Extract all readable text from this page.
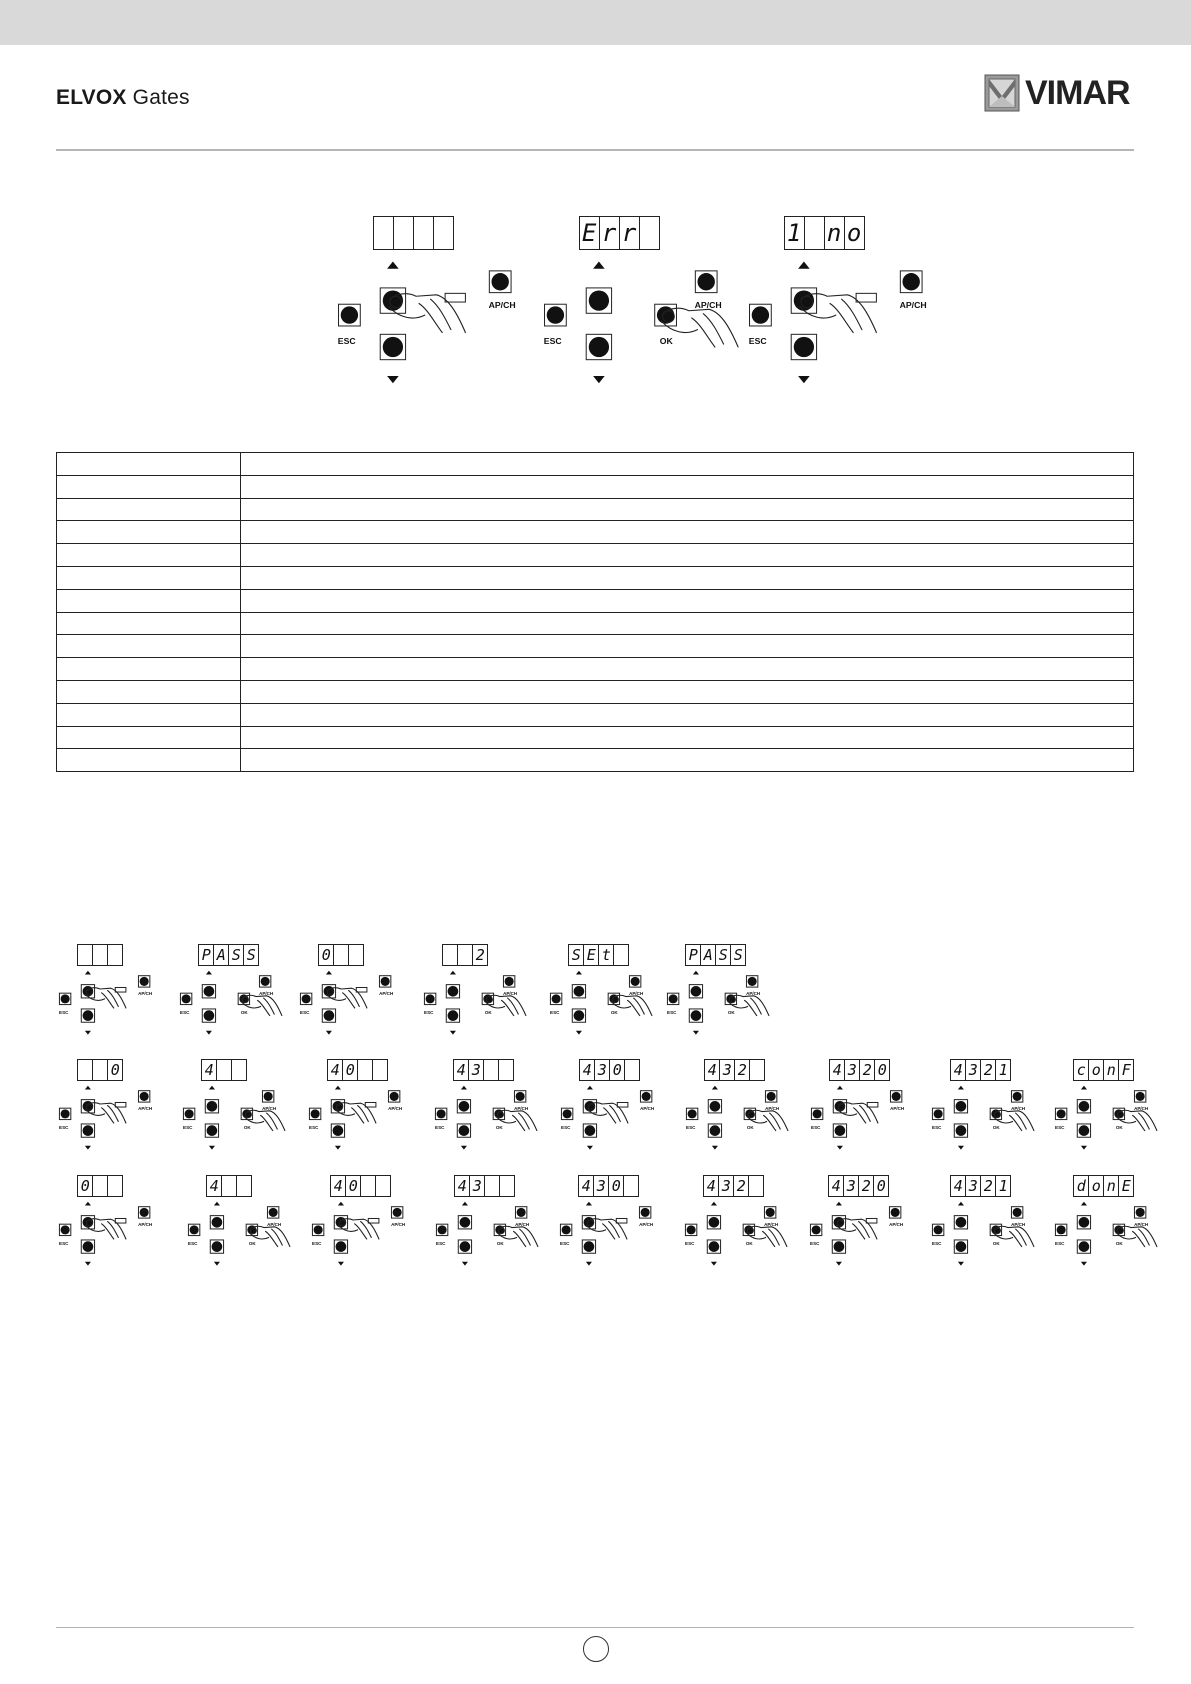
ELVOX Gates	VIMAR
ESC
AP/CH
E r r
ESC	OK
AP/CH
1 n o
ESC
AP/CH

ESC
AP/CH
P A S S
ESC	OK
AP/CH
0
ESC
AP/CH
2
ESC	OK
AP/CH
S E t
ESC	OK
AP/CH
P A S S
ESC	OK
AP/CH
0
ESC
AP/CH
4
ESC	OK
AP/CH
4 0
ESC
AP/CH
4 3
ESC	OK
AP/CH
4 3 0
ESC
AP/CH
4 3 2
ESC	OK
AP/CH
4 3 2 0
ESC
AP/CH
4 3 2 1
ESC	OK
AP/CH
c o n F
ESC	OK
AP/CH
0
ESC
AP/CH
4
ESC	OK
AP/CH
4 0
ESC
AP/CH
4 3
ESC	OK
AP/CH
4 3 0
ESC
AP/CH
4 3 2
ESC	OK
AP/CH
4 3 2 0
ESC
AP/CH
4 3 2 1
ESC	OK
AP/CH
d o n E
ESC	OK
AP/CH
